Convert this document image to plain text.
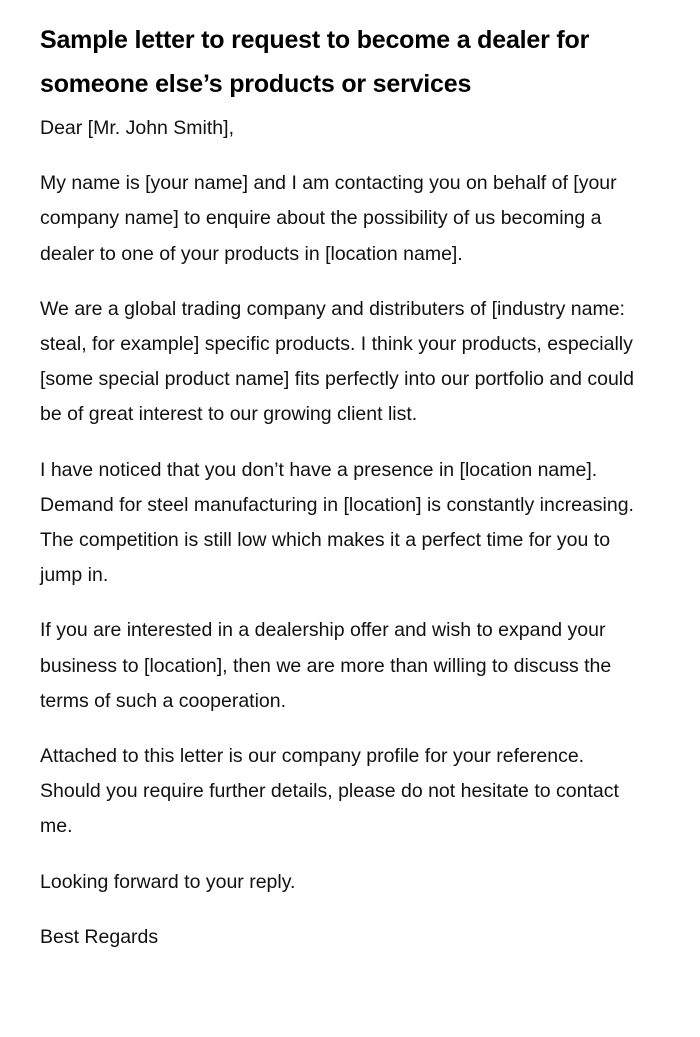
Sample letter to request to become a dealer for someone else’s products or services

Dear [Mr. John Smith],

My name is [your name] and I am contacting you on behalf of [your company name] to enquire about the possibility of us becoming a dealer to one of your products in [location name].

We are a global trading company and distributers of [industry name: steal, for example] specific products. I think your products, especially [some special product name] fits perfectly into our portfolio and could be of great interest to our growing client list.

I have noticed that you don’t have a presence in [location name]. Demand for steel manufacturing in [location] is constantly increasing. The competition is still low which makes it a perfect time for you to jump in.

If you are interested in a dealership offer and wish to expand your business to [location], then we are more than willing to discuss the terms of such a cooperation.

Attached to this letter is our company profile for your reference. Should you require further details, please do not hesitate to contact me.

Looking forward to your reply.

Best Regards
